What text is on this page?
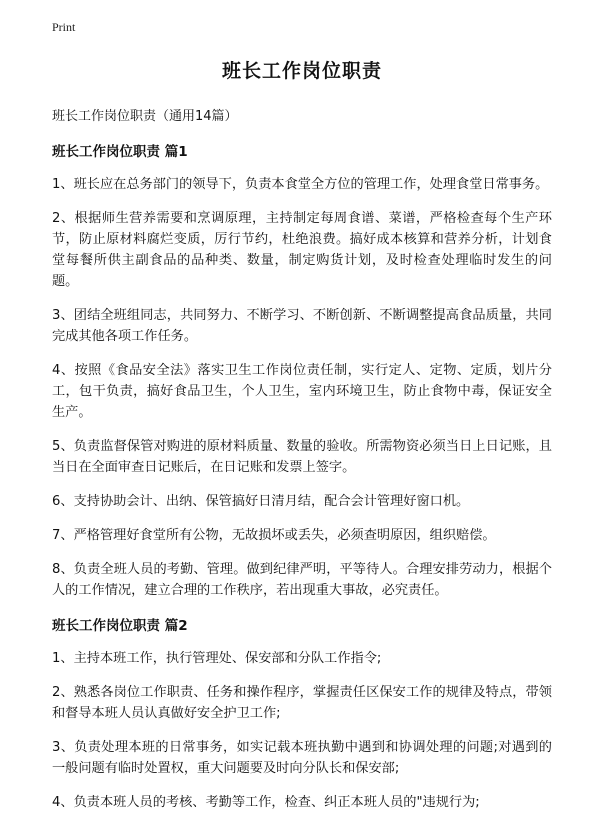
Print
班长工作岗位职责
班长工作岗位职责（通用14篇）
班长工作岗位职责 篇1

1、班长应在总务部门的领导下，负责本食堂全方位的管理工作，处理食堂日常事务。

2、根据师生营养需要和烹调原理，主持制定每周食谱、菜谱，严格检查每个生产环节，防止原材料腐烂变质，厉行节约，杜绝浪费。搞好成本核算和营养分析，计划食堂每餐所供主副食品的品种类、数量，制定购货计划，及时检查处理临时发生的问题。

3、团结全班组同志，共同努力、不断学习、不断创新、不断调整提高食品质量，共同完成其他各项工作任务。

4、按照《食品安全法》落实卫生工作岗位责任制，实行定人、定物、定质，划片分工，包干负责，搞好食品卫生，个人卫生，室内环境卫生，防止食物中毒，保证安全生产。

5、负责监督保管对购进的原材料质量、数量的验收。所需物资必须当日上日记账，且当日在全面审查日记账后，在日记账和发票上签字。

6、支持协助会计、出纳、保管搞好日清月结，配合会计管理好窗口机。

7、严格管理好食堂所有公物，无故损坏或丢失，必须查明原因，组织赔偿。

8、负责全班人员的考勤、管理。做到纪律严明，平等待人。合理安排劳动力，根据个人的工作情况，建立合理的工作秩序，若出现重大事故，必究责任。

班长工作岗位职责 篇2

1、主持本班工作，执行管理处、保安部和分队工作指令;

2、熟悉各岗位工作职责、任务和操作程序，掌握责任区保安工作的规律及特点，带领和督导本班人员认真做好安全护卫工作;

3、负责处理本班的日常事务，如实记载本班执勤中遇到和协调处理的问题;对遇到的一般问题有临时处置权，重大问题要及时向分队长和保安部;

4、负责本班人员的考核、考勤等工作，检查、纠正本班人员的"违规行为;
